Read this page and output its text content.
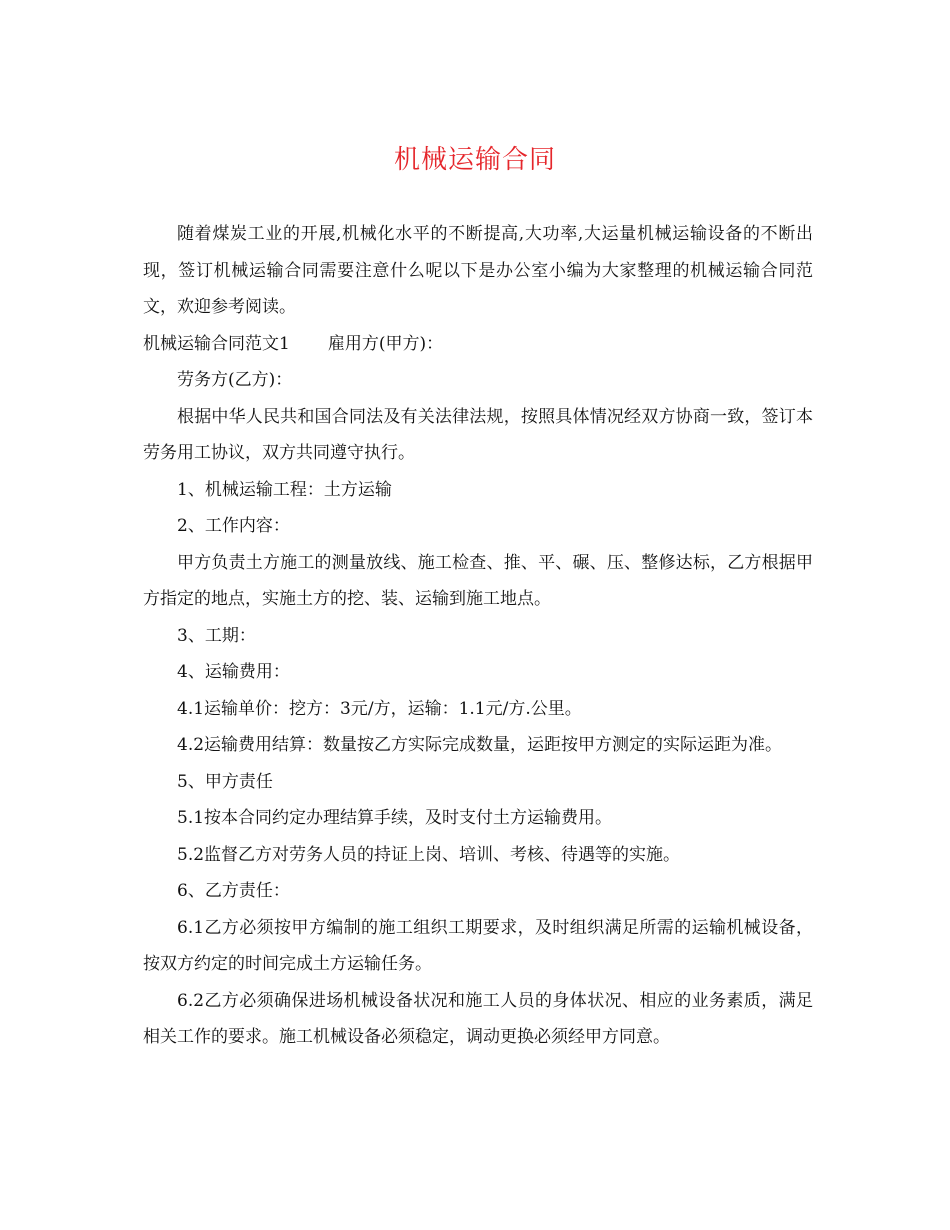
机械运输合同

随着煤炭工业的开展,机械化水平的不断提高,大功率,大运量机械运输设备的不断出现，签订机械运输合同需要注意什么呢以下是办公室小编为大家整理的机械运输合同范文，欢迎参考阅读。

机械运输合同范文1 雇用方(甲方)：

劳务方(乙方)：

根据中华人民共和国合同法及有关法律法规，按照具体情况经双方协商一致，签订本劳务用工协议，双方共同遵守执行。

1、机械运输工程：土方运输

2、工作内容：

甲方负责土方施工的测量放线、施工检查、推、平、碾、压、整修达标，乙方根据甲方指定的地点，实施土方的挖、装、运输到施工地点。

3、工期：

4、运输费用：

4.1运输单价：挖方：3元/方，运输：1.1元/方.公里。

4.2运输费用结算：数量按乙方实际完成数量，运距按甲方测定的实际运距为准。

5、甲方责任

5.1按本合同约定办理结算手续，及时支付土方运输费用。

5.2监督乙方对劳务人员的持证上岗、培训、考核、待遇等的实施。

6、乙方责任：

6.1乙方必须按甲方编制的施工组织工期要求，及时组织满足所需的运输机械设备，按双方约定的时间完成土方运输任务。

6.2乙方必须确保进场机械设备状况和施工人员的身体状况、相应的业务素质，满足相关工作的要求。施工机械设备必须稳定，调动更换必须经甲方同意。
